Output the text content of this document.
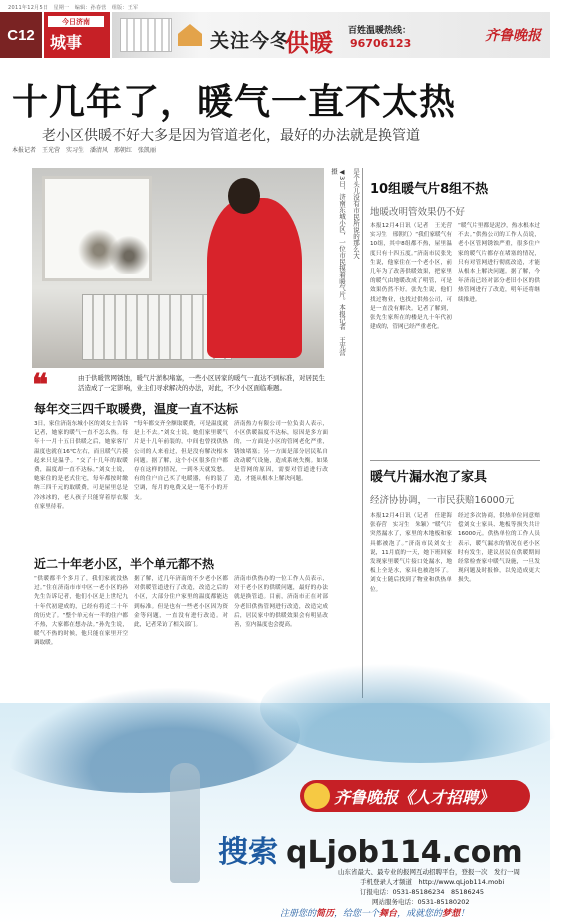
2011年12月5日　星期一　编辑：孙春营　组版：王军
C12
今日济南
城事	关注今冬
供暖 百姓温暖热线：
96706123	齐鲁晚报
十几年了，暖气一直不太热
老小区供暖不好大多是因为管道老化，最好的办法就是换管道
本报记者　王光营　实习生　潘清风　邢朝红　张凯丽
是个头儿没有市民所说的那么大
◀3日，济南东城小区，一位市民摸着暖气片。本报记者　王光营　摄
❝	由于供暖管网锈蚀，暖气片淤积堵塞，一些小区居家的暖气一直达不到标准，对居民生活造成了一定影响，业主们寻求解决的办法，对此，不少小区面临难题。
每年交三四千取暖费，温度一直不达标
3日，家住济南东城小区的刘女士告诉记者，她家的暖气一直不怎么热。每年十一月十五日供暖之后，她家客厅温度也就在16℃左右，而且暖气片摸起来只是温乎。“交了十几年的取暖费，温度却一直不达标。”刘女士说，她家住的是老式住宅，每年都按时缴纳三四千元的取暖费，可是屋里总是冷冰冰的，老人孩子只能穿着厚衣服在家里待着。
“每年都交齐全额取暖费，可是温度就是上不去。”刘女士说，她们家里暖气片是十几年前装的，中间也曾找供热公司的人来看过，但是没有解决根本问题。据了解，这个小区很多住户都存在这样的情况，一到冬天就发愁。有的住户自己买了电暖器，有的装了空调，每月的电费又是一笔不小的开支。
济南热力有限公司一位负责人表示，小区供暖温度不达标，原因是多方面的，一方面是小区的管网老化严重，锈蚀堵塞；另一方面是部分居民私自改动暖气设施，造成系统失衡。如果是管网的原因，需要对管道进行改造，才能从根本上解决问题。
近二十年老小区，半个单元都不热
“供暖都半个多月了，我们家就没热过。”住在济南市市中区一老小区的孙先生告诉记者，他们小区是上世纪九十年代初建成的，已经有将近二十年的历史了。“整个单元有一半的住户都不热，大家都在想办法。”孙先生说，暖气不热的时候，他只能在家里开空调取暖。
据了解，近几年济南的不少老小区都对供暖管道进行了改造，改造之后的小区，大部分住户家里的温度都能达到标准。但是也有一些老小区因为资金等问题，一直没有进行改造。对此，记者采访了相关部门。
济南市供热办的一位工作人员表示，对于老小区的供暖问题，最好的办法就是换管道。目前，济南市正在对部分老旧供热管网进行改造，改造完成后，居民家中的供暖效果会有明显改善，室内温度也会提高。
10组暖气片8组不热
地暖改明管效果仍不好
本报12月4日讯（记者　王光营　实习生　邢朝红）“我们家暖气有10组，其中8组都不热，屋里温度只有十四五度。”济南市民张先生说，他家住在一个老小区，前几年为了改善供暖效果，把家里的暖气由地暖改成了明管，可是效果仍然不好。张先生说，他们找过物业，也找过供热公司，可是一直没有解决。记者了解到，张先生家所在的楼是九十年代初建成的，管网已经严重老化。
“暖气片里都是泥沙，热水根本过不去。”供热公司的工作人员说，老小区管网锈蚀严重，很多住户家的暖气片都存在堵塞的情况，只有对管网进行彻底改造，才能从根本上解决问题。据了解，今年济南已经对部分老旧小区的供热管网进行了改造，明年还将继续推进。
暖气片漏水泡了家具
经济协协调，一市民获赔16000元
本报12月4日讯（记者　任建海　张春营　实习生　朱颖）“暖气片突然漏水了，家里的木地板和家具都被泡了。”济南市民刘女士说，11月底的一天，她下班回家发现家里暖气片接口处漏水，地板上全是水，家具也被泡坏了。刘女士随后找到了物业和供热单位。
经过多次协商，供热单位同意赔偿刘女士家具、地板等损失共计16000元。供热单位的工作人员表示，暖气漏水的情况在老小区时有发生，建议居民在供暖期间经常检查家中暖气设施，一旦发现问题及时报修，以免造成更大损失。
齐鲁晚报《人才招聘》
搜索 qLjob114.com
山东省最大、最专业的报网互动招聘平台，登报一次　发行一周
手机登录人才频道　http://www.qLjob114.mobi
订报电话：0531-85186234　85186245
网站服务电话：0531-85180202
注册您的简历，给您一个舞台，成就您的梦想！
